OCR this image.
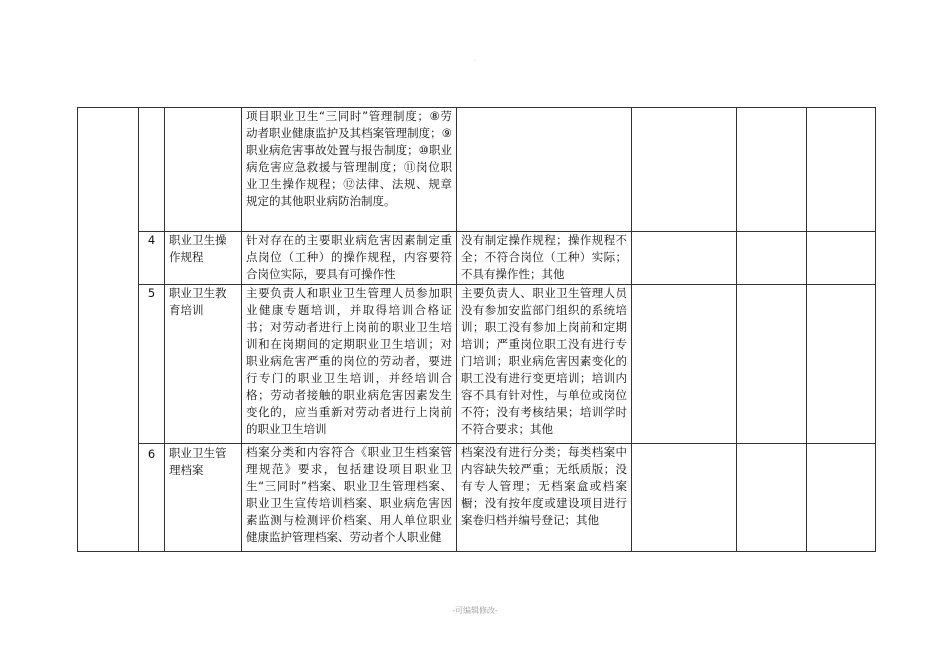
·
			项目职业卫生“三同时”管理制度；⑧劳动者职业健康监护及其档案管理制度；⑨职业病危害事故处置与报告制度；⑩职业病危害应急救援与管理制度；⑪岗位职业卫生操作规程；⑫法律、法规、规章规定的其他职业病防治制度。				
	4	职业卫生操作规程	针对存在的主要职业病危害因素制定重点岗位（工种）的操作规程，内容要符合岗位实际，要具有可操作性	没有制定操作规程；操作规程不全；不符合岗位（工种）实际；不具有操作性；其他			
	5	职业卫生教育培训	主要负责人和职业卫生管理人员参加职业健康专题培训，并取得培训合格证书；对劳动者进行上岗前的职业卫生培训和在岗期间的定期职业卫生培训；对职业病危害严重的岗位的劳动者，要进行专门的职业卫生培训，并经培训合格；劳动者接触的职业病危害因素发生变化的，应当重新对劳动者进行上岗前的职业卫生培训	主要负责人、职业卫生管理人员没有参加安监部门组织的系统培训；职工没有参加上岗前和定期培训；严重岗位职工没有进行专门培训；职业病危害因素变化的职工没有进行变更培训；培训内容不具有针对性，与单位或岗位不符；没有考核结果；培训学时不符合要求；其他			
	6	职业卫生管理档案	档案分类和内容符合《职业卫生档案管理规范》要求，包括建设项目职业卫生“三同时”档案、职业卫生管理档案、职业卫生宣传培训档案、职业病危害因素监测与检测评价档案、用人单位职业健康监护管理档案、劳动者个人职业健	档案没有进行分类；每类档案中内容缺失较严重；无纸质版；没有专人管理；无档案盒或档案橱；没有按年度或建设项目进行案卷归档并编号登记；其他			
-可编辑修改-
